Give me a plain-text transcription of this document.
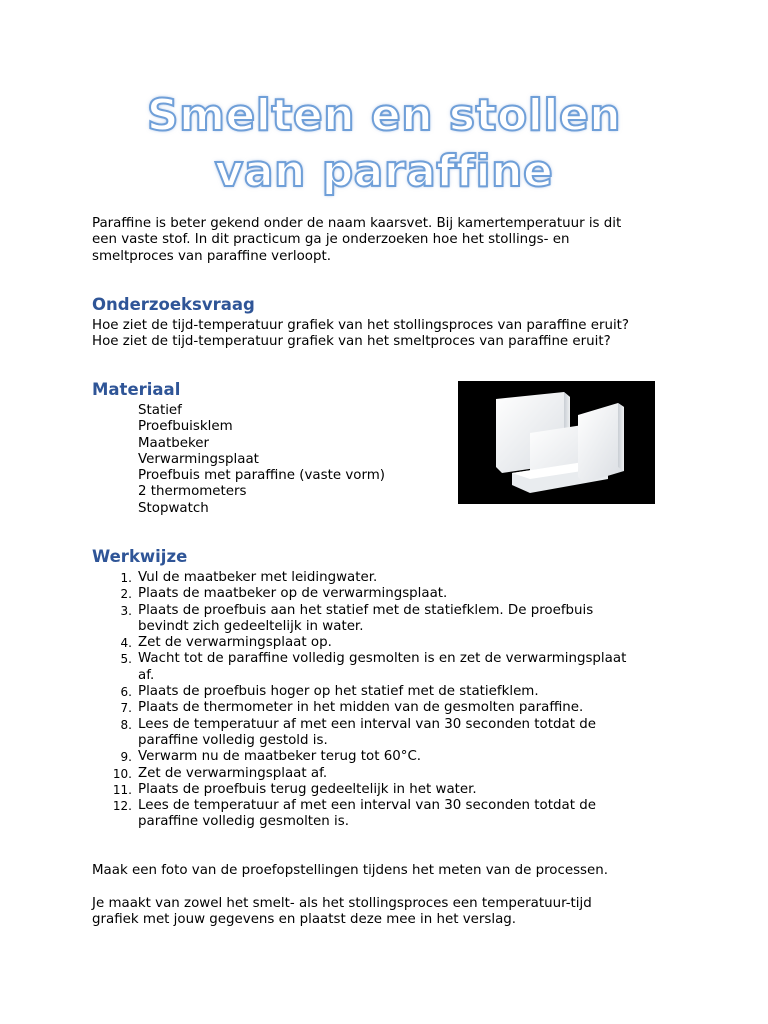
Smelten en stollen
van paraffine
Paraffine is beter gekend onder de naam kaarsvet. Bij kamertemperatuur is dit
een vaste stof. In dit practicum ga je onderzoeken hoe het stollings- en
smeltproces van paraffine verloopt.
Onderzoeksvraag
Hoe ziet de tijd-temperatuur grafiek van het stollingsproces van paraffine eruit?
Hoe ziet de tijd-temperatuur grafiek van het smeltproces van paraffine eruit?
Materiaal
Statief
Proefbuisklem
Maatbeker
Verwarmingsplaat
Proefbuis met paraffine (vaste vorm)
2 thermometers
Stopwatch
Werkwijze
1. Vul de maatbeker met leidingwater.
2. Plaats de maatbeker op de verwarmingsplaat.
3. Plaats de proefbuis aan het statief met de statiefklem. De proefbuis
bevindt zich gedeeltelijk in water.
4. Zet de verwarmingsplaat op.
5. Wacht tot de paraffine volledig gesmolten is en zet de verwarmingsplaat
af.
6. Plaats de proefbuis hoger op het statief met de statiefklem.
7. Plaats de thermometer in het midden van de gesmolten paraffine.
8. Lees de temperatuur af met een interval van 30 seconden totdat de
paraffine volledig gestold is.
9. Verwarm nu de maatbeker terug tot 60°C.
10. Zet de verwarmingsplaat af.
11. Plaats de proefbuis terug gedeeltelijk in het water.
12. Lees de temperatuur af met een interval van 30 seconden totdat de
paraffine volledig gesmolten is.
Maak een foto van de proefopstellingen tijdens het meten van de processen.
Je maakt van zowel het smelt- als het stollingsproces een temperatuur-tijd
grafiek met jouw gegevens en plaatst deze mee in het verslag.
